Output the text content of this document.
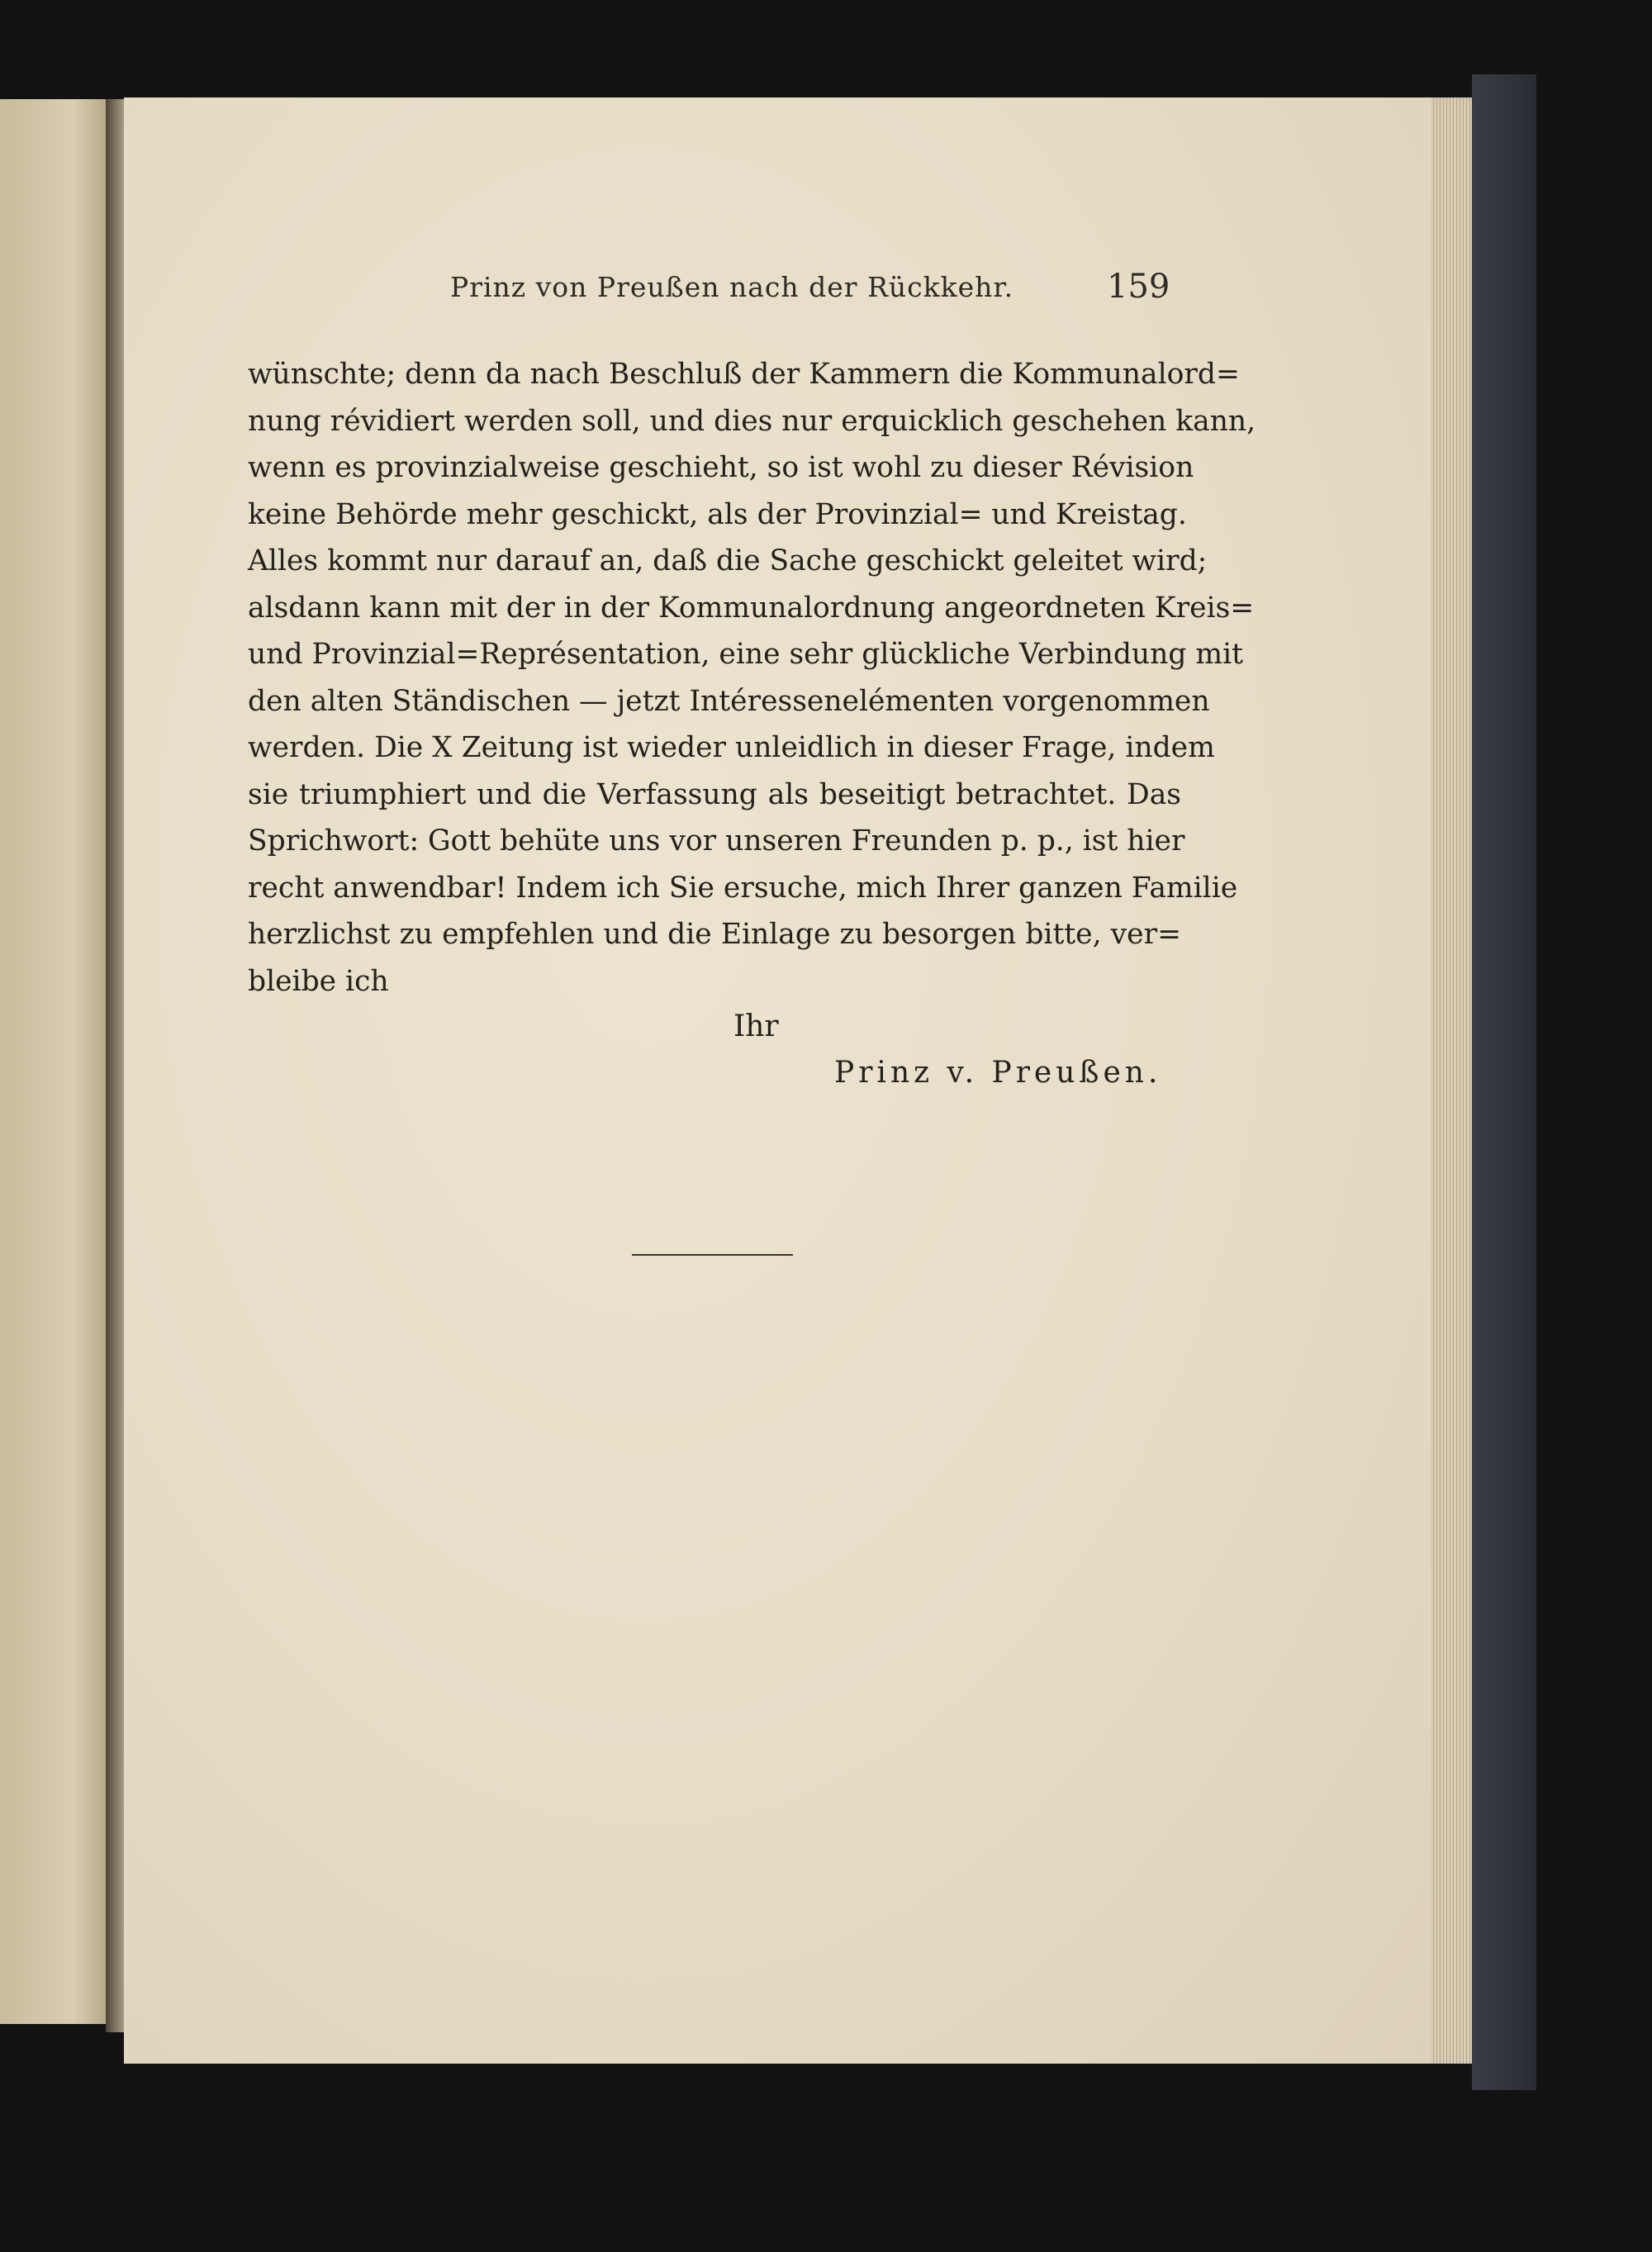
Prinz von Preußen nach der Rückkehr.	159
wünschte; denn da nach Beschluß der Kammern die Kommunalord=
nung révidiert werden soll, und dies nur erquicklich geschehen kann,
wenn es provinzialweise geschieht, so ist wohl zu dieser Révision
keine Behörde mehr geschickt, als der Provinzial= und Kreistag.
Alles kommt nur darauf an, daß die Sache geschickt geleitet wird;
alsdann kann mit der in der Kommunalordnung angeordneten Kreis=
und Provinzial=Représentation, eine sehr glückliche Verbindung mit
den alten Ständischen — jetzt Intéressenelémenten vorgenommen
werden. Die X Zeitung ist wieder unleidlich in dieser Frage, indem
sie triumphiert und die Verfassung als beseitigt betrachtet. Das
Sprichwort: Gott behüte uns vor unseren Freunden p. p., ist hier
recht anwendbar! Indem ich Sie ersuche, mich Ihrer ganzen Familie
herzlichst zu empfehlen und die Einlage zu besorgen bitte, ver=
bleibe ich
Ihr
Prinz v. Preußen.
